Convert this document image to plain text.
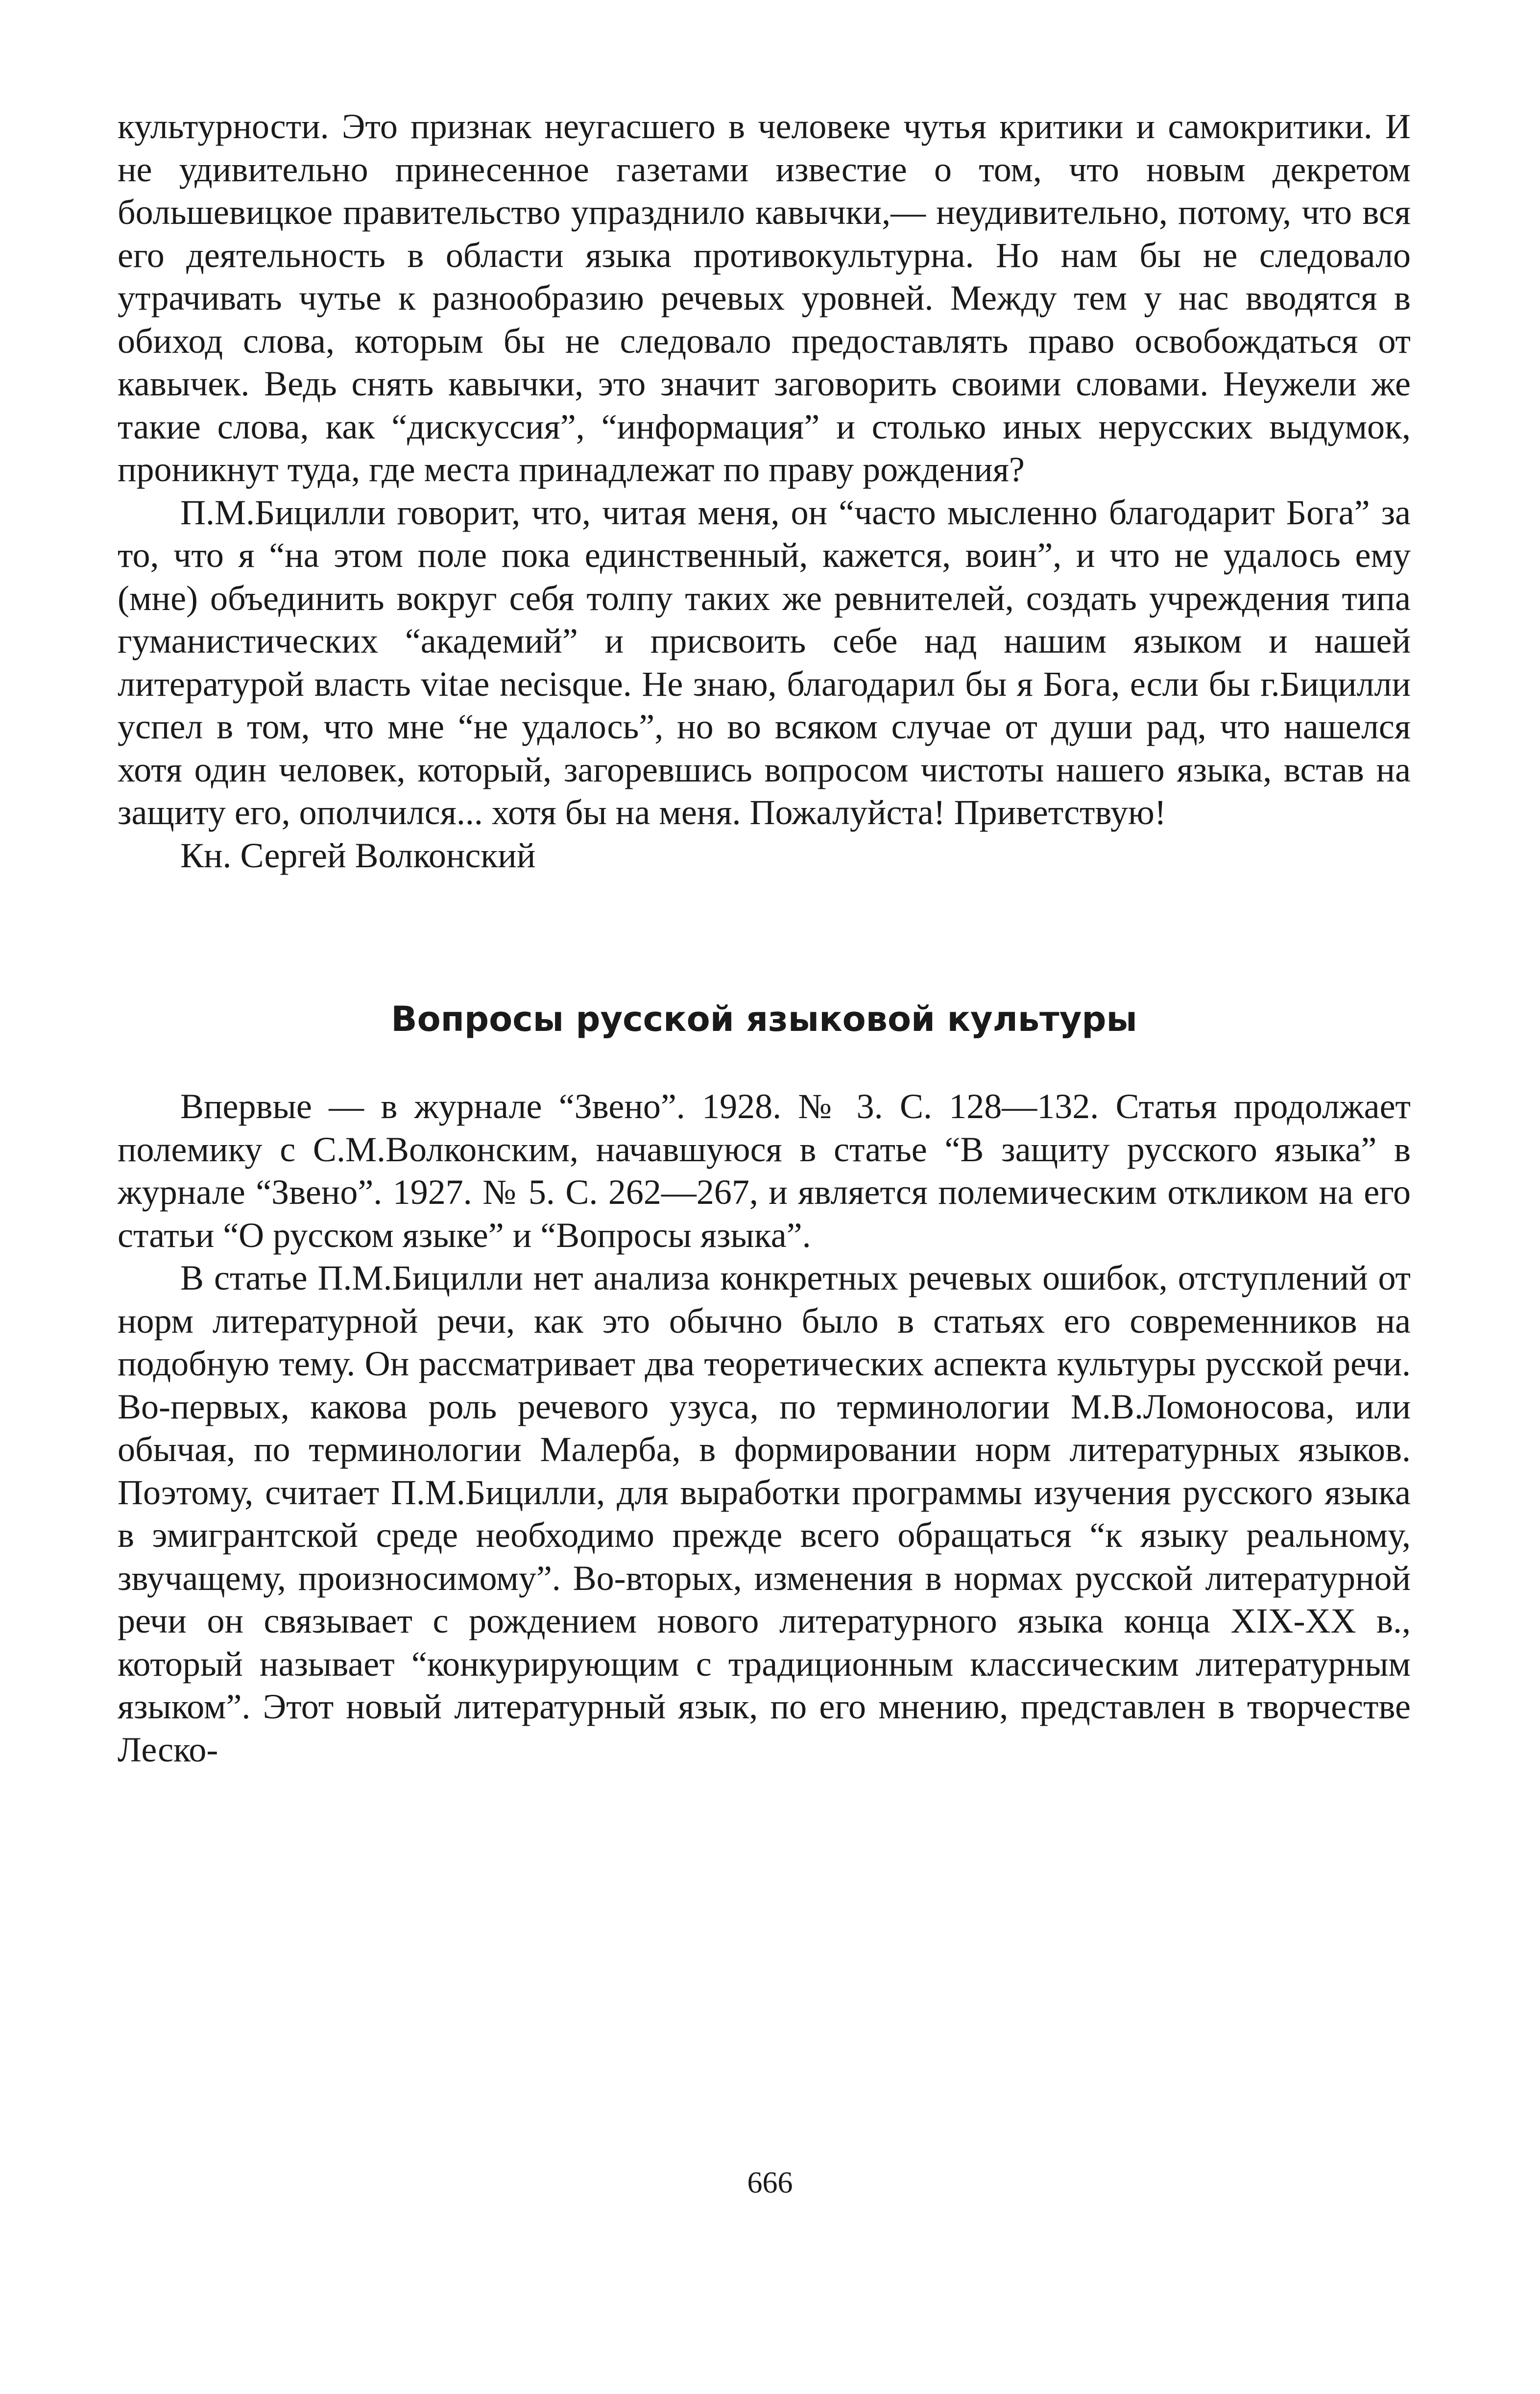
культурности. Это признак неугасшего в человеке чутья критики и самокритики. И не удивительно принесенное газетами известие о том, что новым декретом большевицкое правительство упразднило кавычки,— неудивительно, потому, что вся его деятельность в области языка противокультурна. Но нам бы не следовало утрачивать чутье к разнообразию речевых уровней. Между тем у нас вводятся в обиход слова, которым бы не следовало предоставлять право освобождаться от кавычек. Ведь снять кавычки, это значит заговорить своими словами. Неужели же такие слова, как “дискуссия”, “информация” и столько иных нерусских выдумок, проникнут туда, где места принадлежат по праву рождения?

П.М.Бицилли говорит, что, читая меня, он “часто мысленно благодарит Бога” за то, что я “на этом поле пока единственный, кажется, воин”, и что не удалось ему (мне) объединить вокруг себя толпу таких же ревнителей, создать учреждения типа гуманистических “академий” и присвоить себе над нашим языком и нашей литературой власть vitae necisque. Не знаю, благодарил бы я Бога, если бы г.Бицилли успел в том, что мне “не удалось”, но во всяком случае от души рад, что нашелся хотя один человек, который, загоревшись вопросом чистоты нашего языка, встав на защиту его, ополчился... хотя бы на меня. Пожалуйста! Приветствую!

Кн. Сергей Волконский

Вопросы русской языковой культуры

Впервые — в журнале “Звено”. 1928. № 3. С. 128—132. Статья продолжает полемику с С.М.Волконским, начавшуюся в статье “В защиту русского языка” в журнале “Звено”. 1927. № 5. С. 262—267, и является полемическим откликом на его статьи “О русском языке” и “Вопросы языка”.

В статье П.М.Бицилли нет анализа конкретных речевых ошибок, отступлений от норм литературной речи, как это обычно было в статьях его современников на подобную тему. Он рассматривает два теоретических аспекта культуры русской речи. Во-первых, какова роль речевого узуса, по терминологии М.В.Ломоносова, или обычая, по терминологии Малерба, в формировании норм литературных языков. Поэтому, считает П.М.Бицилли, для выработки программы изучения русского языка в эмигрантской среде необходимо прежде всего обращаться “к языку реальному, звучащему, произносимому”. Во-вторых, изменения в нормах русской литературной речи он связывает с рождением нового литературного языка конца XIX-XX в., который называет “конкурирующим с традиционным классическим литературным языком”. Этот новый литературный язык, по его мнению, представлен в творчестве Леско-

666
